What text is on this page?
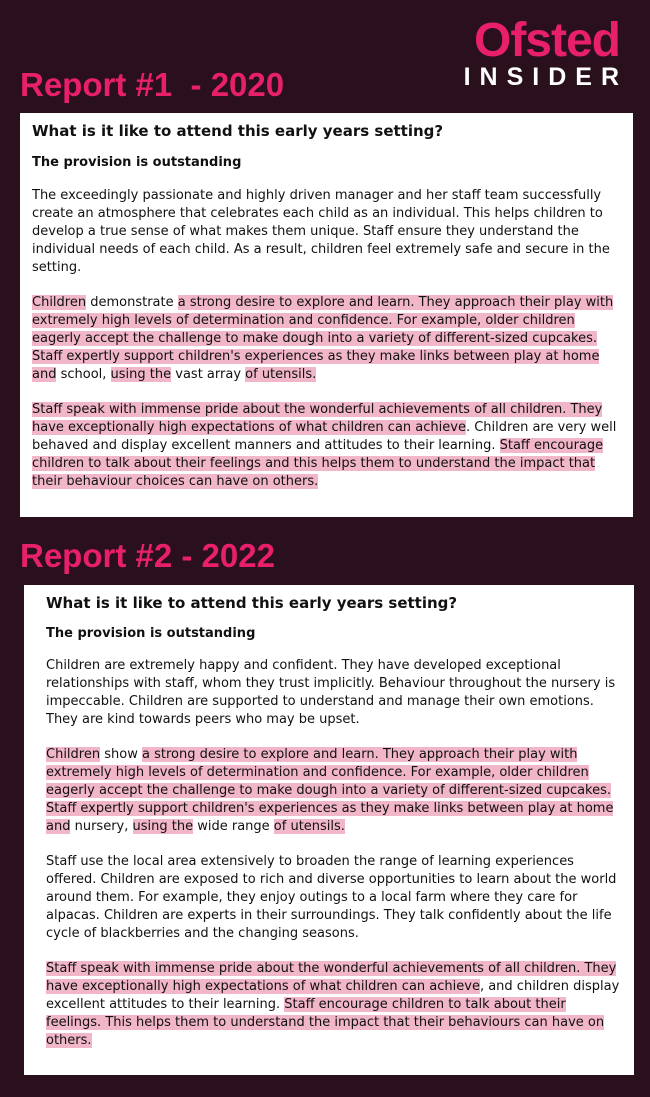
Ofsted
INSIDER
Report #1  - 2020
What is it like to attend this early years setting?
The provision is outstanding

The exceedingly passionate and highly driven manager and her staff team successfully create an atmosphere that celebrates each child as an individual. This helps children to develop a true sense of what makes them unique. Staff ensure they understand the individual needs of each child. As a result, children feel extremely safe and secure in the setting.

Children demonstrate a strong desire to explore and learn. They approach their play with extremely high levels of determination and confidence. For example, older children eagerly accept the challenge to make dough into a variety of different-sized cupcakes. Staff expertly support children's experiences as they make links between play at home and school, using the vast array of utensils.

Staff speak with immense pride about the wonderful achievements of all children. They have exceptionally high expectations of what children can achieve. Children are very well behaved and display excellent manners and attitudes to their learning. Staff encourage children to talk about their feelings and this helps them to understand the impact that their behaviour choices can have on others.

Report #2 - 2022
What is it like to attend this early years setting?
The provision is outstanding

Children are extremely happy and confident. They have developed exceptional relationships with staff, whom they trust implicitly. Behaviour throughout the nursery is impeccable. Children are supported to understand and manage their own emotions. They are kind towards peers who may be upset.

Children show a strong desire to explore and learn. They approach their play with extremely high levels of determination and confidence. For example, older children eagerly accept the challenge to make dough into a variety of different-sized cupcakes. Staff expertly support children's experiences as they make links between play at home and nursery, using the wide range of utensils.

Staff use the local area extensively to broaden the range of learning experiences offered. Children are exposed to rich and diverse opportunities to learn about the world around them. For example, they enjoy outings to a local farm where they care for alpacas. Children are experts in their surroundings. They talk confidently about the life cycle of blackberries and the changing seasons.

Staff speak with immense pride about the wonderful achievements of all children. They have exceptionally high expectations of what children can achieve, and children display excellent attitudes to their learning. Staff encourage children to talk about their feelings. This helps them to understand the impact that their behaviours can have on others.
